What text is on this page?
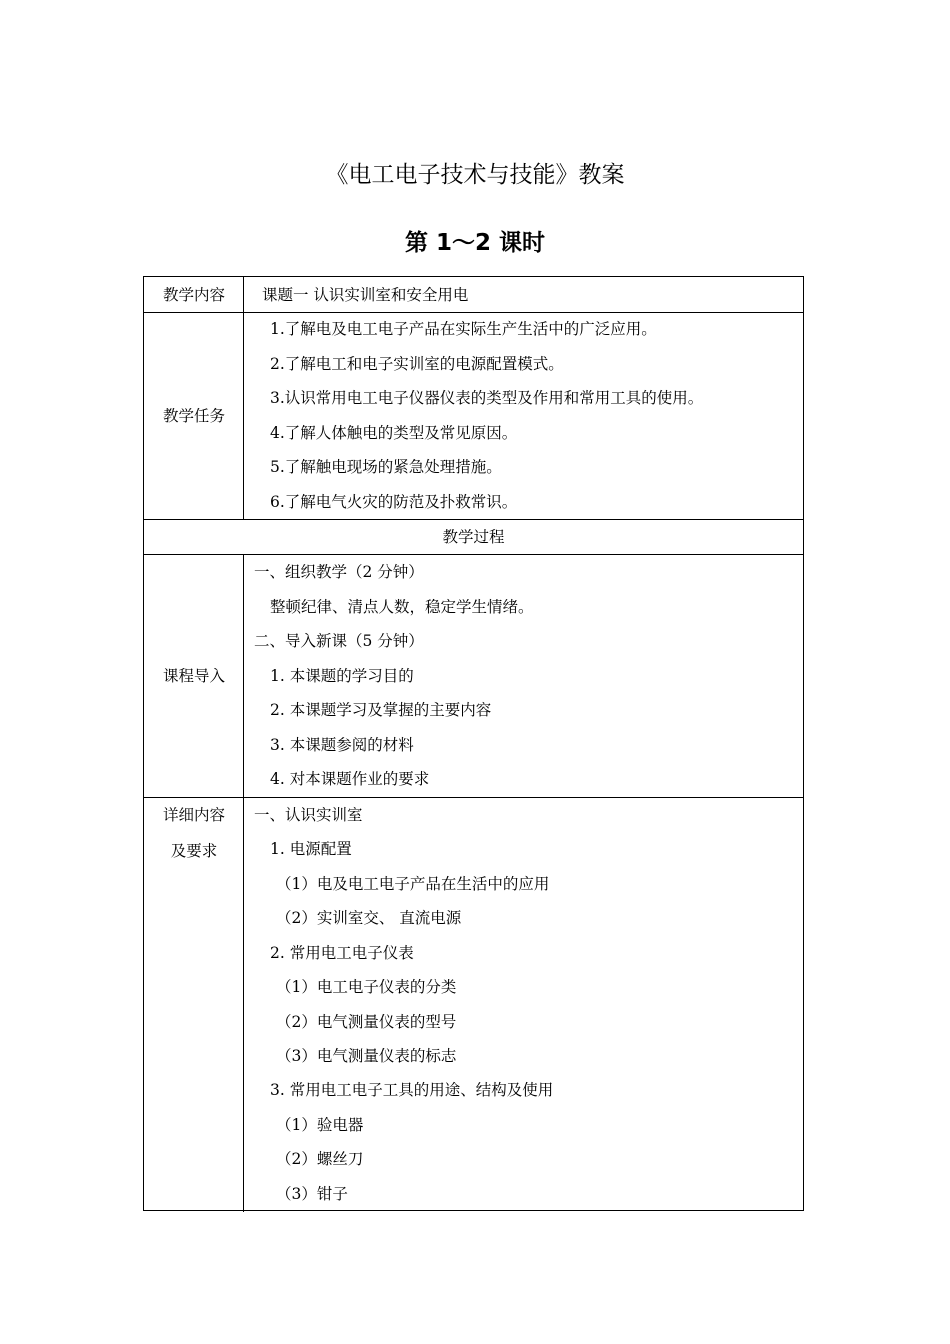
《电工电子技术与技能》教案
第 1～2 课时
教学内容	课题一 认识实训室和安全用电
教学任务
1.了解电及电工电子产品在实际生产生活中的广泛应用。
2.了解电工和电子实训室的电源配置模式。
3.认识常用电工电子仪器仪表的类型及作用和常用工具的使用。
4.了解人体触电的类型及常见原因。
5.了解触电现场的紧急处理措施。
6.了解电气火灾的防范及扑救常识。
教学过程
课程导入
一、组织教学（2 分钟）
整顿纪律、清点人数，稳定学生情绪。
二、导入新课（5 分钟）
1. 本课题的学习目的
2. 本课题学习及掌握的主要内容
3. 本课题参阅的材料
4. 对本课题作业的要求
详细内容
及要求
一、认识实训室
1. 电源配置
（1）电及电工电子产品在生活中的应用
（2）实训室交、 直流电源
2. 常用电工电子仪表
（1）电工电子仪表的分类
（2）电气测量仪表的型号
（3）电气测量仪表的标志
3. 常用电工电子工具的用途、结构及使用
（1）验电器
（2）螺丝刀
（3）钳子
